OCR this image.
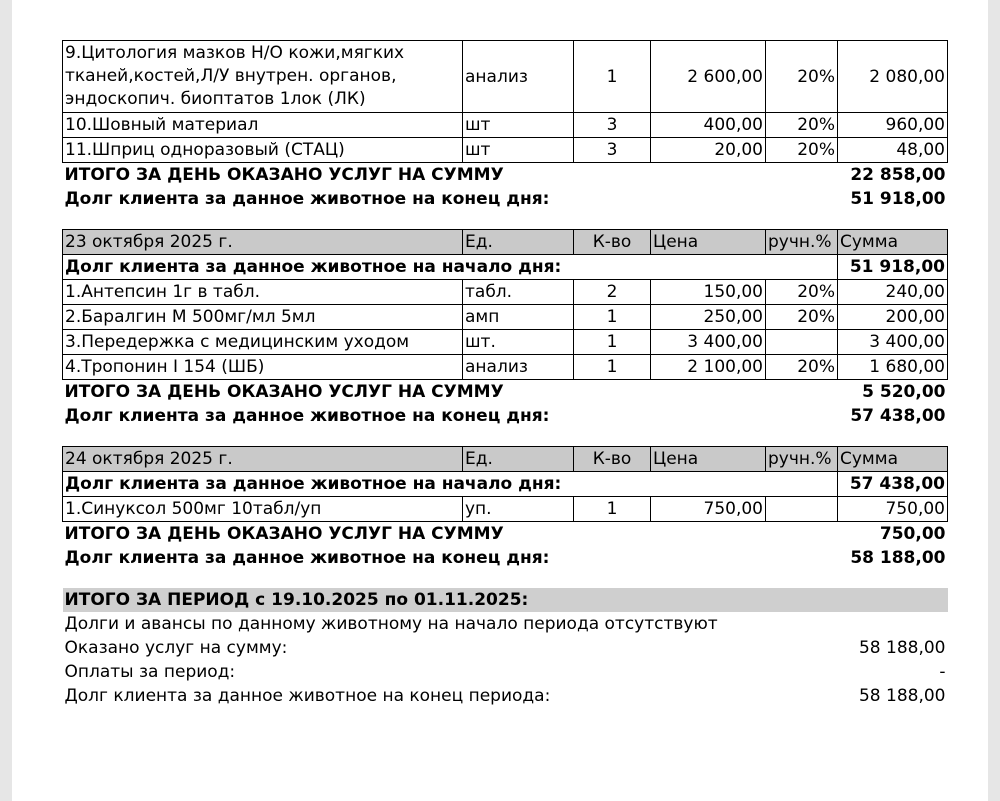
9.Цитология мазков Н/О кожи,мягких тканей,костей,Л/У внутрен. органов, эндоскопич. биоптатов 1лок (ЛК)	анализ	1	2 600,00	20%	2 080,00
10.Шовный материал	шт	3	400,00	20%	960,00
11.Шприц одноразовый (СТАЦ)	шт	3	20,00	20%	48,00
ИТОГО ЗА ДЕНЬ ОКАЗАНО УСЛУГ НА СУММУ					22 858,00
Долг клиента за данное животное на конец дня:					51 918,00

23 октября 2025 г.	Ед.	К-во	Цена	ручн.%	Сумма
Долг клиента за данное животное на начало дня:					51 918,00
1.Антепсин 1г в табл.	табл.	2	150,00	20%	240,00
2.Баралгин М 500мг/мл 5мл	амп	1	250,00	20%	200,00
3.Передержка с медицинским уходом	шт.	1	3 400,00		3 400,00
4.Тропонин I 154 (ШБ)	анализ	1	2 100,00	20%	1 680,00
ИТОГО ЗА ДЕНЬ ОКАЗАНО УСЛУГ НА СУММУ					5 520,00
Долг клиента за данное животное на конец дня:					57 438,00

24 октября 2025 г.	Ед.	К-во	Цена	ручн.%	Сумма
Долг клиента за данное животное на начало дня:					57 438,00
1.Синуксол 500мг 10табл/уп	уп.	1	750,00		750,00
ИТОГО ЗА ДЕНЬ ОКАЗАНО УСЛУГ НА СУММУ					750,00
Долг клиента за данное животное на конец дня:					58 188,00

ИТОГО ЗА ПЕРИОД с 19.10.2025 по 01.11.2025:					
Долги и авансы по данному животному на начало периода отсутствуют					
Оказано услуг на сумму:					58 188,00
Оплаты за период:					-
Долг клиента за данное животное на конец периода:					58 188,00
